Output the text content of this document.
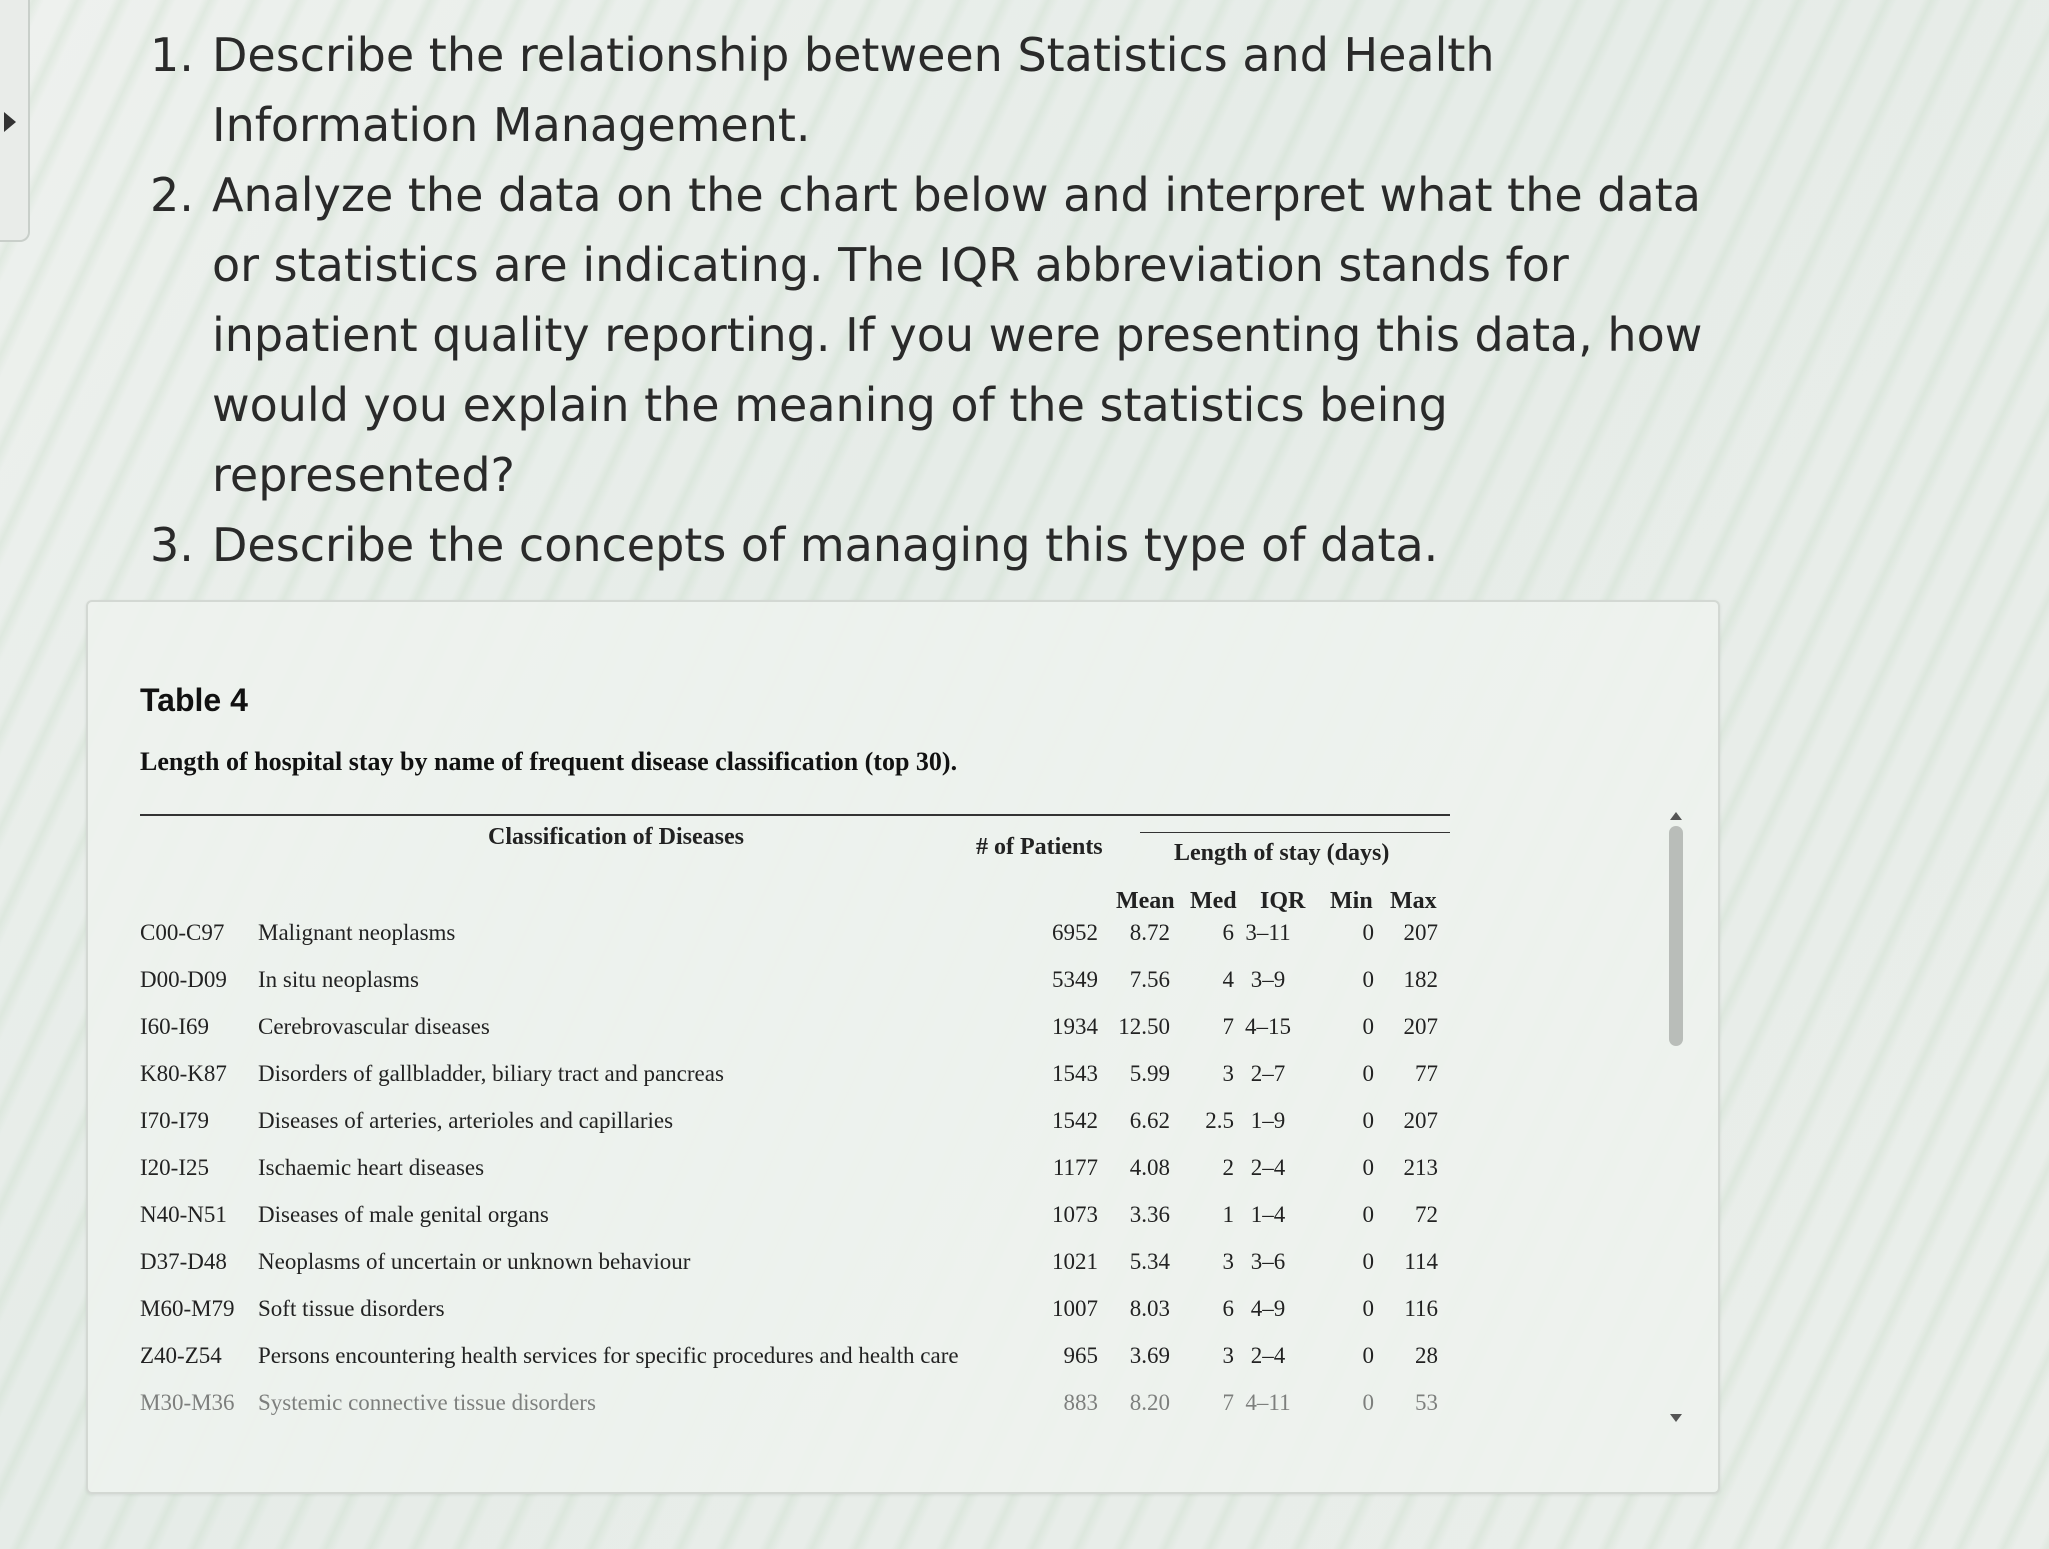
1. Describe the relationship between Statistics and Health Information Management.
2. Analyze the data on the chart below and interpret what the data or statistics are indicating. The IQR abbreviation stands for inpatient quality reporting. If you were presenting this data, how would you explain the meaning of the statistics being represented?
3. Describe the concepts of managing this type of data.
Table 4
Length of hospital stay by name of frequent disease classification (top 30).
Classification of Diseases	# of Patients	Length of stay (days)
Mean Med IQR Min Max
C00-C97 Malignant neoplasms	6952	8.72	6 3–11	0	207
D00-D09 In situ neoplasms	5349	7.56	4 3–9	0	182
I60-I69 Cerebrovascular diseases	1934 12.50	7 4–15	0	207
K80-K87 Disorders of gallbladder, biliary tract and pancreas	1543	5.99	3 2–7	0	77
I70-I79 Diseases of arteries, arterioles and capillaries	1542	6.62	2.5 1–9	0	207
I20-I25 Ischaemic heart diseases	1177	4.08	2 2–4	0	213
N40-N51 Diseases of male genital organs	1073	3.36	1 1–4	0	72
D37-D48 Neoplasms of uncertain or unknown behaviour	1021	5.34	3 3–6	0	114
M60-M79 Soft tissue disorders	1007	8.03	6 4–9	0	116
Z40-Z54 Persons encountering health services for specific procedures and health care	965	3.69	3 2–4	0	28
M30-M36 Systemic connective tissue disorders	883	8.20	7 4–11	0	53
